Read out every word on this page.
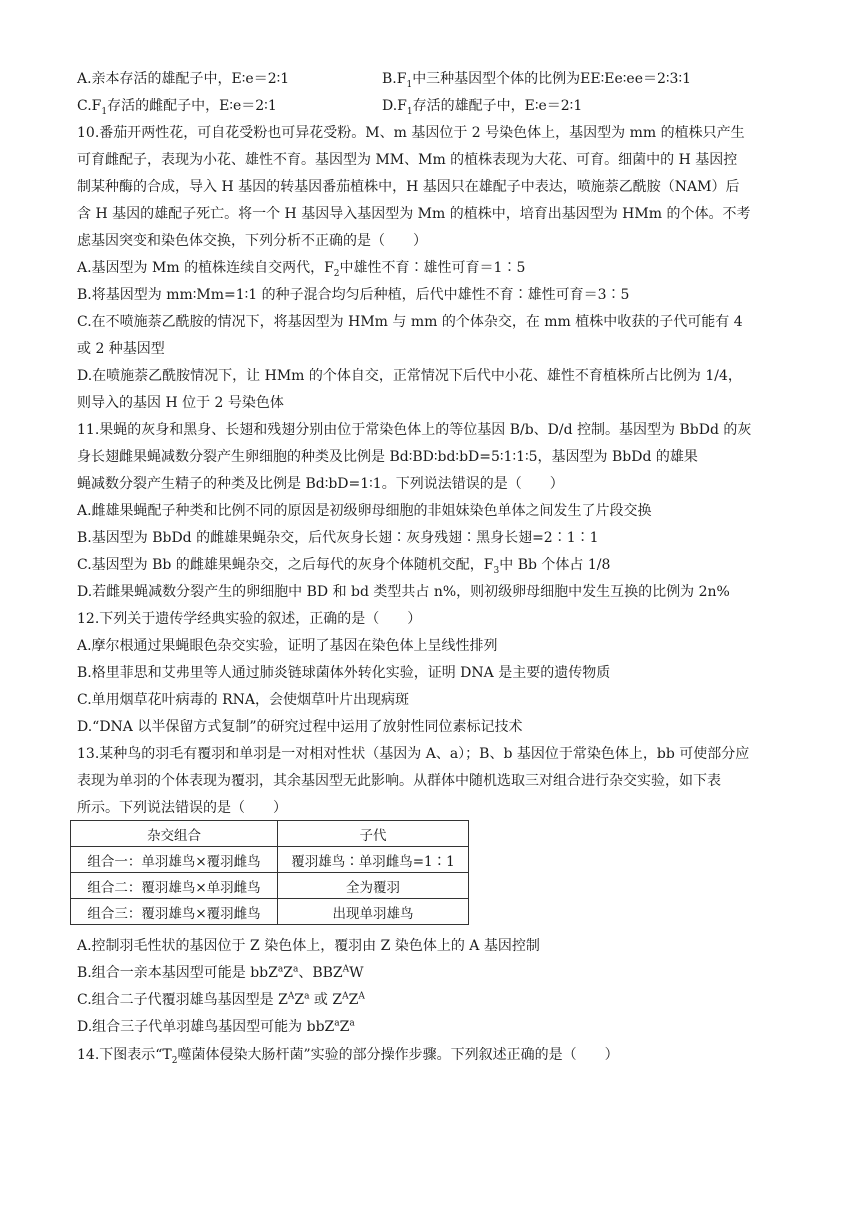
A.亲本存活的雄配子中，E∶e＝2∶1	$B.F_1$中三种基因型个体的比例为EE∶Ee∶ee＝2∶3∶1
$C.F_1$存活的雌配子中，E∶e＝2∶1	$D.F_1$存活的雄配子中，E∶e＝2∶1
10.番茄开两性花，可自花受粉也可异花受粉。M、m 基因位于 2 号染色体上，基因型为 mm 的植株只产生
可育雌配子，表现为小花、雄性不育。基因型为 MM、Mm 的植株表现为大花、可育。细菌中的 H 基因控
制某种酶的合成，导入 H 基因的转基因番茄植株中，H 基因只在雄配子中表达，喷施萘乙酰胺（NAM）后
含 H 基因的雄配子死亡。将一个 H 基因导入基因型为 Mm 的植株中，培育出基因型为 HMm 的个体。不考
虑基因突变和染色体交换，下列分析不正确的是（　　）
A.基因型为 Mm 的植株连续自交两代，$F_2$中雄性不育∶雄性可育＝1∶5
B.将基因型为 mm∶Mm=1∶1 的种子混合均匀后种植，后代中雄性不育∶雄性可育＝3∶5
C.在不喷施萘乙酰胺的情况下，将基因型为 HMm 与 mm 的个体杂交，在 mm 植株中收获的子代可能有 4
或 2 种基因型
D.在喷施萘乙酰胺情况下，让 HMm 的个体自交，正常情况下后代中小花、雄性不育植株所占比例为 1/4，
则导入的基因 H 位于 2 号染色体
11.果蝇的灰身和黑身、长翅和残翅分别由位于常染色体上的等位基因 B/b、D/d 控制。基因型为 BbDd 的灰
身长翅雌果蝇减数分裂产生卵细胞的种类及比例是 Bd∶BD∶bd∶bD=5∶1∶1∶5，基因型为 BbDd 的雄果
蝇减数分裂产生精子的种类及比例是 Bd∶bD=1∶1。下列说法错误的是（　　）
A.雌雄果蝇配子种类和比例不同的原因是初级卵母细胞的非姐妹染色单体之间发生了片段交换
B.基因型为 BbDd 的雌雄果蝇杂交，后代灰身长翅∶灰身残翅∶黑身长翅=2∶1∶1
C.基因型为 Bb 的雌雄果蝇杂交，之后每代的灰身个体随机交配，$F_3$中 Bb 个体占 1/8
D.若雌果蝇减数分裂产生的卵细胞中 BD 和 bd 类型共占 n%，则初级卵母细胞中发生互换的比例为 2n%
12.下列关于遗传学经典实验的叙述，正确的是（　　）
A.摩尔根通过果蝇眼色杂交实验，证明了基因在染色体上呈线性排列
B.格里菲思和艾弗里等人通过肺炎链球菌体外转化实验，证明 DNA 是主要的遗传物质
C.单用烟草花叶病毒的 RNA，会使烟草叶片出现病斑
D.“DNA 以半保留方式复制”的研究过程中运用了放射性同位素标记技术
13.某种鸟的羽毛有覆羽和单羽是一对相对性状（基因为 A、a）；B、b 基因位于常染色体上，bb 可使部分应
表现为单羽的个体表现为覆羽，其余基因型无此影响。从群体中随机选取三对组合进行杂交实验，如下表
所示。下列说法错误的是（　　）
杂交组合	子代
组合一：单羽雄鸟×覆羽雌鸟	覆羽雄鸟∶单羽雌鸟=1∶1
组合二：覆羽雄鸟×单羽雌鸟	全为覆羽
组合三：覆羽雄鸟×覆羽雌鸟	出现单羽雄鸟
A.控制羽毛性状的基因位于 Z 染色体上，覆羽由 Z 染色体上的 A 基因控制
B.组合一亲本基因型可能是 $bbZ^aZ^a$、$BBZ^AW$
C.组合二子代覆羽雄鸟基因型是 $Z^AZ^a$ 或 $Z^AZ^A$
D.组合三子代单羽雄鸟基因型可能为 $bbZ^aZ^a$
14.下图表示“$T_2$噬菌体侵染大肠杆菌”实验的部分操作步骤。下列叙述正确的是（　　）
